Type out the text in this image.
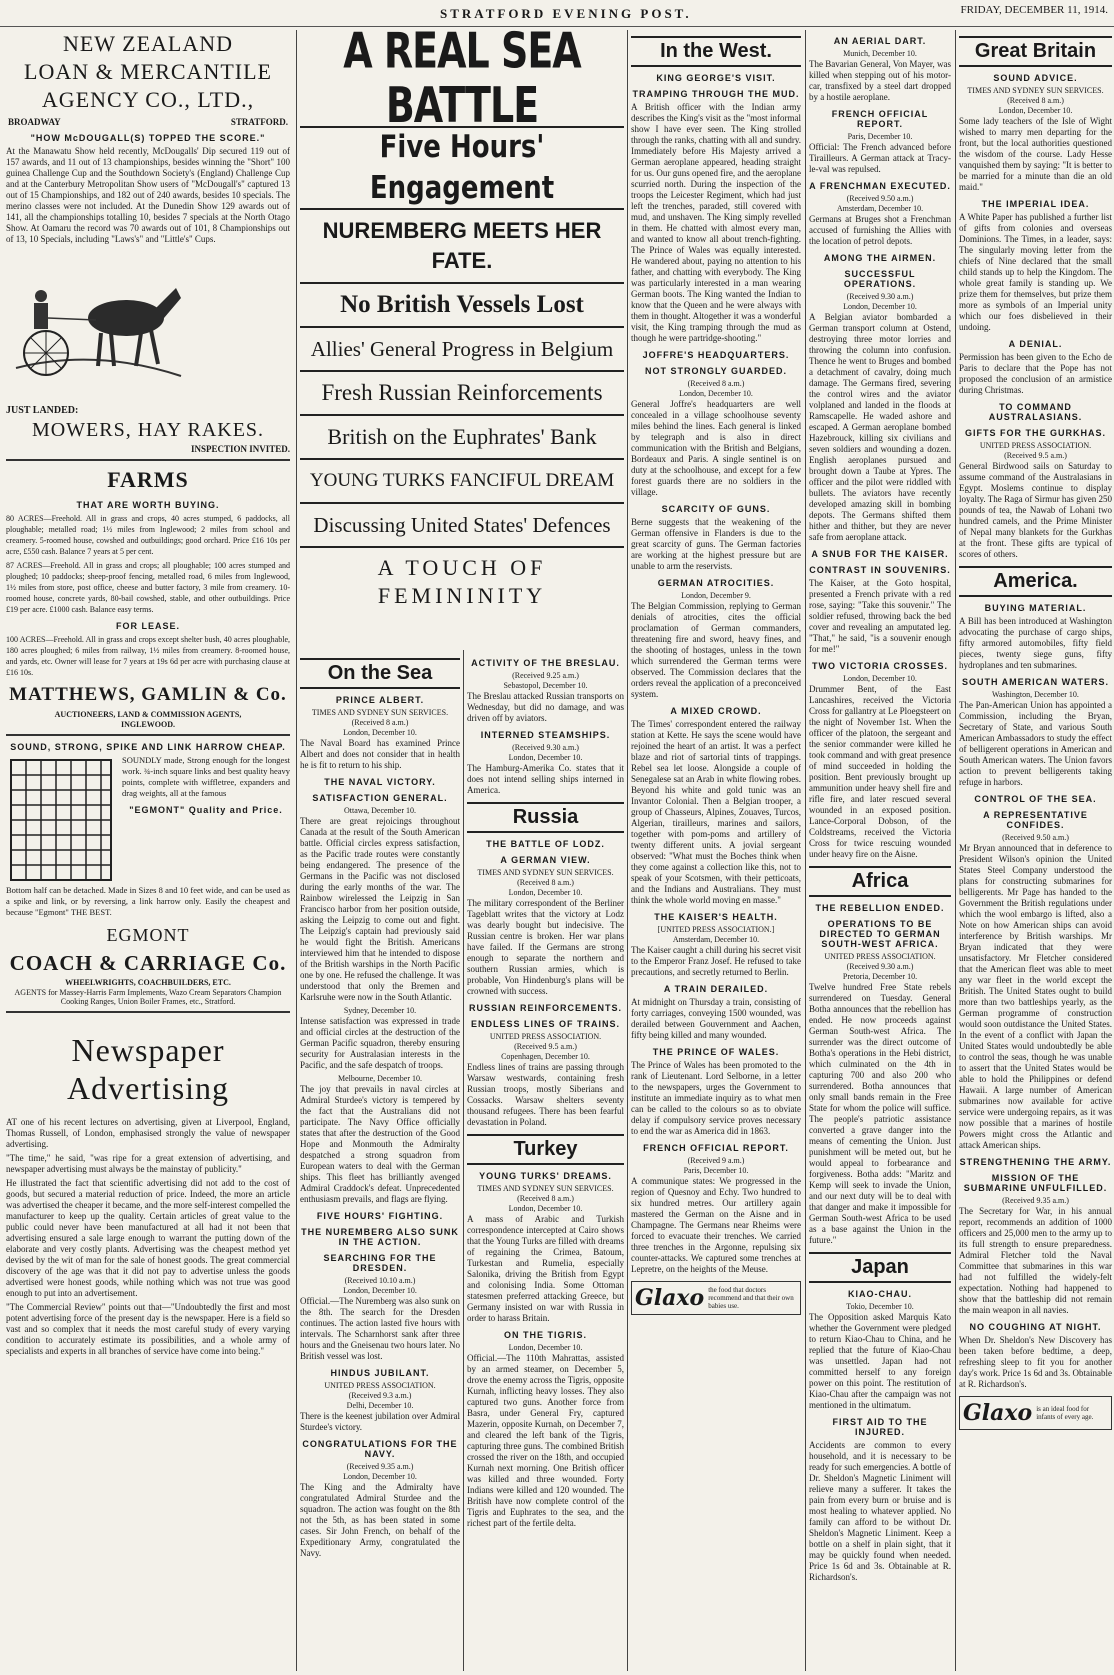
STRATFORD EVENING POST.	FRIDAY, DECEMBER 11, 1914.
NEW ZEALAND
LOAN & MERCANTILE
AGENCY CO., LTD.,
BROADWAY	STRATFORD.
"HOW McDOUGALL(S) TOPPED THE SCORE."

At the Manawatu Show held recently, McDougalls' Dip secured 119 out of 157 awards, and 11 out of 13 championships, besides winning the "Short" 100 guinea Challenge Cup and the Southdown Society's (England) Challenge Cup and at the Canterbury Metropolitan Show users of "McDougall's" captured 13 out of 15 Championships, and 182 out of 240 awards, besides 10 specials. The merino classes were not included. At the Dunedin Show 129 awards out of 141, all the championships totalling 10, besides 7 specials at the North Otago Show. At Oamaru the record was 70 awards out of 101, 8 Championships out of 13, 10 Specials, including "Laws's" and "Little's" Cups.

JUST LANDED:
MOWERS, HAY RAKES.
INSPECTION INVITED.
FARMS
THAT ARE WORTH BUYING.

80 ACRES—Freehold. All in grass and crops, 40 acres stumped, 6 paddocks, all ploughable; metalled road; 1½ miles from Inglewood; 2 miles from school and creamery. 5-roomed house, cowshed and outbuildings; good orchard. Price £16 10s per acre, £550 cash. Balance 7 years at 5 per cent.

87 ACRES—Freehold. All in grass and crops; all ploughable; 100 acres stumped and ploughed; 10 paddocks; sheep-proof fencing, metalled road, 6 miles from Inglewood, 1½ miles from store, post office, cheese and butter factory, 3 mile from creamery. 10-roomed house, concrete yards, 80-bail cowshed, stable, and other outbuildings. Price £19 per acre. £1000 cash. Balance easy terms.

FOR LEASE.

100 ACRES—Freehold. All in grass and crops except shelter bush, 40 acres ploughable, 180 acres ploughed; 6 miles from railway, 1½ miles from creamery. 8-roomed house, and yards, etc. Owner will lease for 7 years at 19s 6d per acre with purchasing clause at £16 10s.

MATTHEWS, GAMLIN & Co.
AUCTIONEERS, LAND & COMMISSION AGENTS,
INGLEWOOD.
SOUND, STRONG, SPIKE AND LINK HARROW CHEAP.

SOUNDLY made, Strong enough for the longest work. ¾-inch square links and best quality heavy points, complete with wiffletree, expanders and drag weights, all at the famous

"EGMONT" Quality and Price.

Bottom half can be detached. Made in Sizes 8 and 10 feet wide, and can be used as a spike and link, or by reversing, a link harrow only. Easily the cheapest and because "Egmont" THE BEST.

EGMONT
COACH & CARRIAGE Co.
WHEELWRIGHTS, COACHBUILDERS, ETC.
AGENTS for Massey-Harris Farm Implements, Wazo Cream Separators Champion Cooking Ranges, Union Boiler Frames, etc., Stratford.
Newspaper
Advertising

AT one of his recent lectures on advertising, given at Liverpool, England, Thomas Russell, of London, emphasised strongly the value of newspaper advertising.

"The time," he said, "was ripe for a great extension of advertising, and newspaper advertising must always be the mainstay of publicity."

He illustrated the fact that scientific advertising did not add to the cost of goods, but secured a material reduction of price. Indeed, the more an article was advertised the cheaper it became, and the more self-interest compelled the manufacturer to keep up the quality. Certain articles of great value to the public could never have been manufactured at all had it not been that advertising ensured a sale large enough to warrant the putting down of the elaborate and very costly plants. Advertising was the cheapest method yet devised by the wit of man for the sale of honest goods. The great commercial discovery of the age was that it did not pay to advertise unless the goods advertised were honest goods, while nothing which was not true was good enough to put into an advertisement.

"The Commercial Review" points out that—"Undoubtedly the first and most potent advertising force of the present day is the newspaper. Here is a field so vast and so complex that it needs the most careful study of every varying condition to accurately estimate its possibilities, and a whole army of specialists and experts in all branches of service have come into being."

A REAL SEA BATTLE
Five Hours' Engagement
NUREMBERG MEETS HER FATE.
No British Vessels Lost
Allies' General Progress in Belgium
Fresh Russian Reinforcements
British on the Euphrates' Bank
YOUNG TURKS FANCIFUL DREAM
Discussing United States' Defences
A TOUCH OF FEMININITY
On the Sea
PRINCE ALBERT.
TIMES AND SYDNEY SUN SERVICES.
(Received 8 a.m.)
London, December 10.

The Naval Board has examined Prince Albert and does not consider that in health he is fit to return to his ship.

THE NAVAL VICTORY.
SATISFACTION GENERAL.
Ottawa, December 10.

There are great rejoicings throughout Canada at the result of the South American battle. Official circles express satisfaction, as the Pacific trade routes were constantly being endangered. The presence of the Germans in the Pacific was not disclosed during the early months of the war. The Rainbow wirelessed the Leipzig in San Francisco harbor from her position outside, asking the Leipzig to come out and fight. The Leipzig's captain had previously said he would fight the British. Americans interviewed him that he intended to dispose of the British warships in the North Pacific one by one. He refused the challenge. It was understood that only the Bremen and Karlsruhe were now in the South Atlantic.

Sydney, December 10.

Intense satisfaction was expressed in trade and official circles at the destruction of the German Pacific squadron, thereby ensuring security for Australasian interests in the Pacific, and the safe despatch of troops.

Melbourne, December 10.

The joy that prevails in naval circles at Admiral Sturdee's victory is tempered by the fact that the Australians did not participate. The Navy Office officially states that after the destruction of the Good Hope and Monmouth the Admiralty despatched a strong squadron from European waters to deal with the German ships. This fleet has brilliantly avenged Admiral Craddock's defeat. Unprecedented enthusiasm prevails, and flags are flying.

FIVE HOURS' FIGHTING.
THE NUREMBERG ALSO SUNK IN THE ACTION.
SEARCHING FOR THE DRESDEN.
(Received 10.10 a.m.)
London, December 10.

Official.—The Nuremberg was also sunk on the 8th. The search for the Dresden continues. The action lasted five hours with intervals. The Scharnhorst sank after three hours and the Gneisenau two hours later. No British vessel was lost.

HINDUS JUBILANT.
UNITED PRESS ASSOCIATION.
(Received 9.3 a.m.)
Delhi, December 10.

There is the keenest jubilation over Admiral Sturdee's victory.

CONGRATULATIONS FOR THE NAVY.
(Received 9.35 a.m.)
London, December 10.

The King and the Admiralty have congratulated Admiral Sturdee and the squadron. The action was fought on the 8th not the 5th, as has been stated in some cases. Sir John French, on behalf of the Expeditionary Army, congratulated the Navy.

ACTIVITY OF THE BRESLAU.
(Received 9.25 a.m.)
Sebastopol, December 10.

The Breslau attacked Russian transports on Wednesday, but did no damage, and was driven off by aviators.

INTERNED STEAMSHIPS.
(Received 9.30 a.m.)
London, December 10.

The Hamburg-Amerika Co. states that it does not intend selling ships interned in America.

Russia
THE BATTLE OF LODZ.
A GERMAN VIEW.
TIMES AND SYDNEY SUN SERVICES.
(Received 8 a.m.)
London, December 10.

The military correspondent of the Berliner Tageblatt writes that the victory at Lodz was dearly bought but indecisive. The Russian centre is broken. Her war plans have failed. If the Germans are strong enough to separate the northern and southern Russian armies, which is probable, Von Hindenburg's plans will be crowned with success.

RUSSIAN REINFORCEMENTS.
ENDLESS LINES OF TRAINS.
UNITED PRESS ASSOCIATION.
(Received 9.5 a.m.)
Copenhagen, December 10.

Endless lines of trains are passing through Warsaw westwards, containing fresh Russian troops, mostly Siberians and Cossacks. Warsaw shelters seventy thousand refugees. There has been fearful devastation in Poland.

Turkey
YOUNG TURKS' DREAMS.
TIMES AND SYDNEY SUN SERVICES.
(Received 8 a.m.)
London, December 10.

A mass of Arabic and Turkish correspondence intercepted at Cairo shows that the Young Turks are filled with dreams of regaining the Crimea, Batoum, Turkestan and Rumelia, especially Salonika, driving the British from Egypt and colonising India. Some Ottoman statesmen preferred attacking Greece, but Germany insisted on war with Russia in order to harass Britain.

ON THE TIGRIS.
London, December 10.

Official.—The 110th Mahrattas, assisted by an armed steamer, on December 5, drove the enemy across the Tigris, opposite Kurnah, inflicting heavy losses. They also captured two guns. Another force from Basra, under General Fry, captured Mazerin, opposite Kurnah, on December 7, and cleared the left bank of the Tigris, capturing three guns. The combined British crossed the river on the 18th, and occupied Kurnah next morning. One British officer was killed and three wounded. Forty Indians were killed and 120 wounded. The British have now complete control of the Tigris and Euphrates to the sea, and the richest part of the fertile delta.

In the West.
KING GEORGE'S VISIT.
TRAMPING THROUGH THE MUD.

A British officer with the Indian army describes the King's visit as the "most informal show I have ever seen. The King strolled through the ranks, chatting with all and sundry. Immediately before His Majesty arrived a German aeroplane appeared, heading straight for us. Our guns opened fire, and the aeroplane scurried north. During the inspection of the troops the Leicester Regiment, which had just left the trenches, paraded, still covered with mud, and unshaven. The King simply revelled in them. He chatted with almost every man, and wanted to know all about trench-fighting. The Prince of Wales was equally interested. He wandered about, paying no attention to his father, and chatting with everybody. The King was particularly interested in a man wearing German boots. The King wanted the Indian to know that the Queen and he were always with them in thought. Altogether it was a wonderful visit, the King tramping through the mud as though he were partridge-shooting."

JOFFRE'S HEADQUARTERS.
NOT STRONGLY GUARDED.
(Received 8 a.m.)
London, December 10.

General Joffre's headquarters are well concealed in a village schoolhouse seventy miles behind the lines. Each general is linked by telegraph and is also in direct communication with the British and Belgians, Bordeaux and Paris. A single sentinel is on duty at the schoolhouse, and except for a few forest guards there are no soldiers in the village.

SCARCITY OF GUNS.

Berne suggests that the weakening of the German offensive in Flanders is due to the great scarcity of guns. The German factories are working at the highest pressure but are unable to arm the reservists.

GERMAN ATROCITIES.
London, December 9.

The Belgian Commission, replying to German denials of atrocities, cites the official proclamation of German commanders, threatening fire and sword, heavy fines, and the shooting of hostages, unless in the town which surrendered the German terms were observed. The Commission declares that the orders reveal the application of a preconceived system.

A MIXED CROWD.

The Times' correspondent entered the railway station at Kette. He says the scene would have rejoined the heart of an artist. It was a perfect blaze and riot of sartorial tints of trappings. Rebel sea let loose. Alongside a couple of Senegalese sat an Arab in white flowing robes. Beyond his white and gold tunic was an Invantor Colonial. Then a Belgian trooper, a group of Chasseurs, Alpines, Zouaves, Turcos, Algerian, tirailleurs, marines and sailors, together with pom-poms and artillery of twenty different units. A jovial sergeant observed: "What must the Boches think when they come against a collection like this, not to speak of your Scotsmen, with their petticoats, and the Indians and Australians. They must think the whole world moving en masse."

THE KAISER'S HEALTH.
[UNITED PRESS ASSOCIATION.]
Amsterdam, December 10.

The Kaiser caught a chill during his secret visit to the Emperor Franz Josef. He refused to take precautions, and secretly returned to Berlin.

A TRAIN DERAILED.

At midnight on Thursday a train, consisting of forty carriages, conveying 1500 wounded, was derailed between Gouvernment and Aachen, fifty being killed and many wounded.

THE PRINCE OF WALES.

The Prince of Wales has been promoted to the rank of Lieutenant. Lord Selborne, in a letter to the newspapers, urges the Government to institute an immediate inquiry as to what men can be called to the colours so as to obviate delay if compulsory service proves necessary to end the war as America did in 1863.

FRENCH OFFICIAL REPORT.
(Received 9 a.m.)
Paris, December 10.

A communique states: We progressed in the region of Quesnoy and Echy. Two hundred to six hundred metres. Our artillery again mastered the German on the Aisne and in Champagne. The Germans near Rheims were forced to evacuate their trenches. We carried three trenches in the Argonne, repulsing six counter-attacks. We captured some trenches at Lepretre, on the heights of the Meuse.

Glaxo the food that doctors recommend and that their own babies use.
AN AERIAL DART.
Munich, December 10.

The Bavarian General, Von Mayer, was killed when stepping out of his motor-car, transfixed by a steel dart dropped by a hostile aeroplane.

FRENCH OFFICIAL REPORT.
Paris, December 10.

Official: The French advanced before Tirailleurs. A German attack at Tracy-le-val was repulsed.

A FRENCHMAN EXECUTED.
(Received 9.50 a.m.)
Amsterdam, December 10.

Germans at Bruges shot a Frenchman accused of furnishing the Allies with the location of petrol depots.

AMONG THE AIRMEN.
SUCCESSFUL OPERATIONS.
(Received 9.30 a.m.)
London, December 10.

A Belgian aviator bombarded a German transport column at Ostend, destroying three motor lorries and throwing the column into confusion. Thence he went to Bruges and bombed a detachment of cavalry, doing much damage. The Germans fired, severing the control wires and the aviator volplaned and landed in the floods at Ramscapelle. He waded ashore and escaped. A German aeroplane bombed Hazebrouck, killing six civilians and seven soldiers and wounding a dozen. English aeroplanes pursued and brought down a Taube at Ypres. The officer and the pilot were riddled with bullets. The aviators have recently developed amazing skill in bombing depots. The Germans shifted them hither and thither, but they are never safe from aeroplane attack.

A SNUB FOR THE KAISER.
CONTRAST IN SOUVENIRS.

The Kaiser, at the Goto hospital, presented a French private with a red rose, saying: "Take this souvenir." The soldier refused, throwing back the bed cover and revealing an amputated leg. "That," he said, "is a souvenir enough for me!"

TWO VICTORIA CROSSES.
London, December 10.

Drummer Bent, of the East Lancashires, received the Victoria Cross for gallantry at Le Ploegsteert on the night of November 1st. When the officer of the platoon, the sergeant and the senior commander were killed he took command and with great presence of mind succeeded in holding the position. Bent previously brought up ammunition under heavy shell fire and rifle fire, and later rescued several wounded in an exposed position. Lance-Corporal Dobson, of the Coldstreams, received the Victoria Cross for twice rescuing wounded under heavy fire on the Aisne.

Africa
THE REBELLION ENDED.
OPERATIONS TO BE DIRECTED TO GERMAN SOUTH-WEST AFRICA.
UNITED PRESS ASSOCIATION.
(Received 9.30 a.m.)
Pretoria, December 10.

Twelve hundred Free State rebels surrendered on Tuesday. General Botha announces that the rebellion has ended. He now proceeds against German South-west Africa. The surrender was the direct outcome of Botha's operations in the Hebi district, which culminated on the 4th in capturing 700 and also 200 who surrendered. Botha announces that only small bands remain in the Free State for whom the police will suffice. The people's patriotic assistance converted a grave danger into the means of cementing the Union. Just punishment will be meted out, but he would appeal to forbearance and forgiveness. Botha adds: "Maritz and Kemp will seek to invade the Union, and our next duty will be to deal with that danger and make it impossible for German South-west Africa to be used as a base against the Union in the future."

Japan
KIAO-CHAU.
Tokio, December 10.

The Opposition asked Marquis Kato whether the Government were pledged to return Kiao-Chau to China, and he replied that the future of Kiao-Chau was unsettled. Japan had not committed herself to any foreign power on this point. The restitution of Kiao-Chau after the campaign was not mentioned in the ultimatum.

FIRST AID TO THE INJURED.

Accidents are common to every household, and it is necessary to be ready for such emergencies. A bottle of Dr. Sheldon's Magnetic Liniment will relieve many a sufferer. It takes the pain from every burn or bruise and is most healing to whatever applied. No family can afford to be without Dr. Sheldon's Magnetic Liniment. Keep a bottle on a shelf in plain sight, that it may be quickly found when needed. Price 1s 6d and 3s. Obtainable at R. Richardson's.

Great Britain
SOUND ADVICE.
TIMES AND SYDNEY SUN SERVICES.
(Received 8 a.m.)
London, December 10.

Some lady teachers of the Isle of Wight wished to marry men departing for the front, but the local authorities questioned the wisdom of the course. Lady Hesse vanquished them by saying: "It is better to be married for a minute than die an old maid."

THE IMPERIAL IDEA.

A White Paper has published a further list of gifts from colonies and overseas Dominions. The Times, in a leader, says: The singularly moving letter from the chiefs of Nine declared that the small child stands up to help the Kingdom. The whole great family is standing up. We prize them for themselves, but prize them more as symbols of an Imperial unity which our foes disbelieved in their undoing.

A DENIAL.

Permission has been given to the Echo de Paris to declare that the Pope has not proposed the conclusion of an armistice during Christmas.

TO COMMAND AUSTRALASIANS.
GIFTS FOR THE GURKHAS.
UNITED PRESS ASSOCIATION.
(Received 9.5 a.m.)

General Birdwood sails on Saturday to assume command of the Australasians in Egypt. Moslems continue to display loyalty. The Raga of Sirmur has given 250 pounds of tea, the Nawab of Lohani two hundred camels, and the Prime Minister of Nepal many blankets for the Gurkhas at the front. These gifts are typical of scores of others.

America.
BUYING MATERIAL.

A Bill has been introduced at Washington advocating the purchase of cargo ships, fifty armored automobiles, fifty field pieces, twenty siege guns, fifty hydroplanes and ten submarines.

SOUTH AMERICAN WATERS.
Washington, December 10.

The Pan-American Union has appointed a Commission, including the Bryan, Secretary of State, and various South American Ambassadors to study the effect of belligerent operations in American and South American waters. The Union favors action to prevent belligerents taking refuge in harbors.

CONTROL OF THE SEA.
A REPRESENTATIVE CONFIDES.
(Received 9.50 a.m.)

Mr Bryan announced that in deference to President Wilson's opinion the United States Steel Company understood the plans for constructing submarines for belligerents. Mr Page has handed to the Government the British regulations under which the wool embargo is lifted, also a Note on how American ships can avoid interference by British warships. Mr Bryan indicated that they were unsatisfactory. Mr Fletcher considered that the American fleet was able to meet any war fleet in the world except the British. The United States ought to build more than two battleships yearly, as the German programme of construction would soon outdistance the United States. In the event of a conflict with Japan the United States would undoubtedly be able to control the seas, though he was unable to assert that the United States would be able to hold the Philippines or defend Hawaii. A large number of American submarines now available for active service were undergoing repairs, as it was now possible that a marines of hostile Powers might cross the Atlantic and attack American ships.

STRENGTHENING THE ARMY.
MISSION OF THE SUBMARINE UNFULFILLED.
(Received 9.35 a.m.)

The Secretary for War, in his annual report, recommends an addition of 1000 officers and 25,000 men to the army up to its full strength to ensure preparedness. Admiral Fletcher told the Naval Committee that submarines in this war had not fulfilled the widely-felt expectation. Nothing had happened to show that the battleship did not remain the main weapon in all navies.

NO COUGHING AT NIGHT.

When Dr. Sheldon's New Discovery has been taken before bedtime, a deep, refreshing sleep to fit you for another day's work. Price 1s 6d and 3s. Obtainable at R. Richardson's.

Glaxo is an ideal food for infants of every age.
